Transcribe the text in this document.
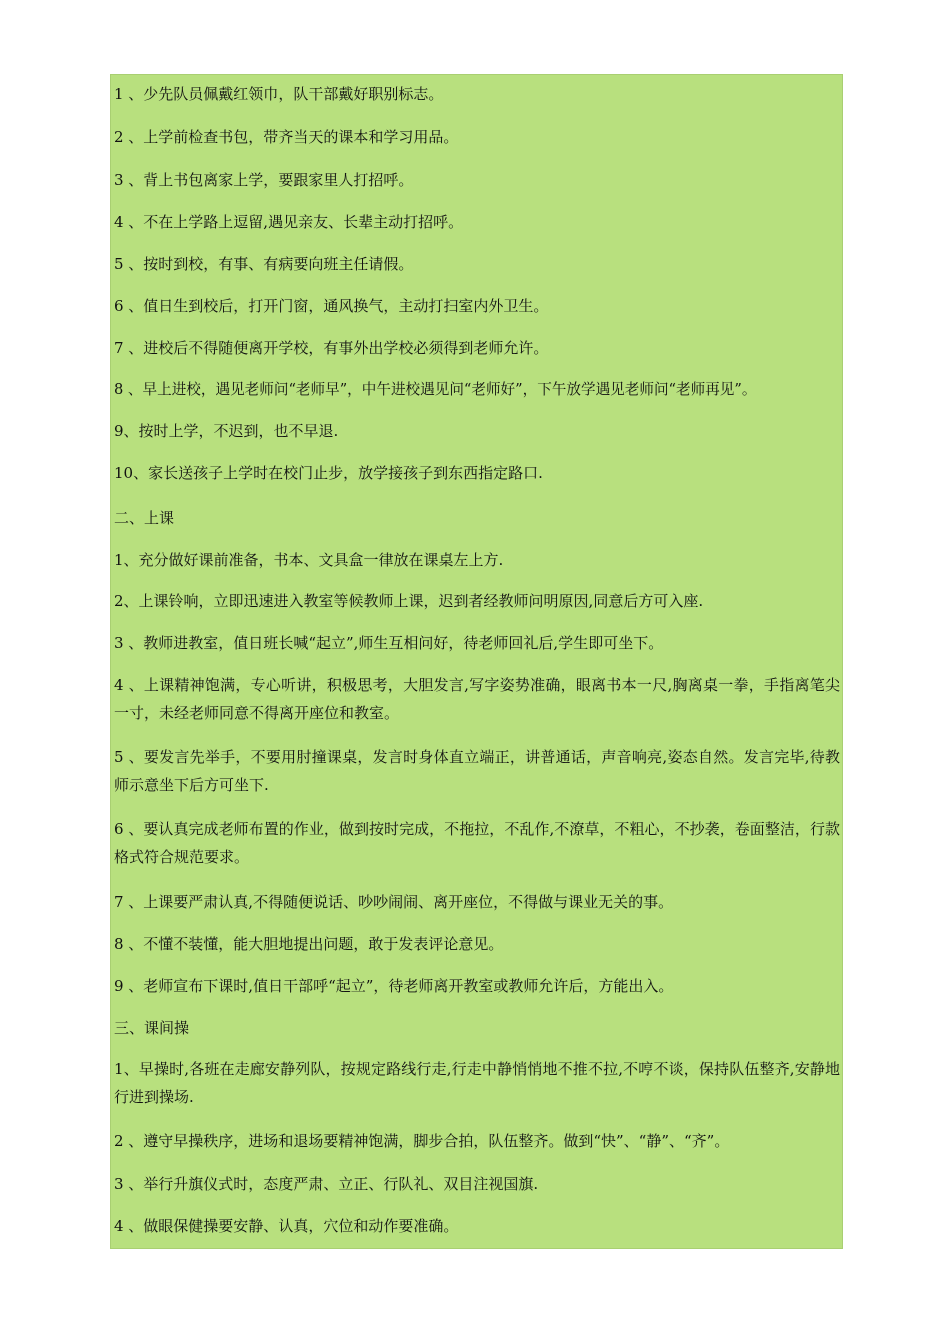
1 、少先队员佩戴红领巾，队干部戴好职别标志。
2 、上学前检查书包，带齐当天的课本和学习用品。
3 、背上书包离家上学，要跟家里人打招呼。
4 、不在上学路上逗留,遇见亲友、长辈主动打招呼。
5 、按时到校，有事、有病要向班主任请假。
6 、值日生到校后，打开门窗，通风换气，主动打扫室内外卫生。
7 、进校后不得随便离开学校，有事外出学校必须得到老师允许。
8 、早上进校，遇见老师问“老师早”，中午进校遇见问“老师好”，下午放学遇见老师问“老师再见”。
9、按时上学，不迟到，也不早退.
10、家长送孩子上学时在校门止步，放学接孩子到东西指定路口.
二、上课
1、充分做好课前准备，书本、文具盒一律放在课桌左上方.
2、上课铃响，立即迅速进入教室等候教师上课，迟到者经教师问明原因,同意后方可入座.
3 、教师进教室，值日班长喊“起立”,师生互相问好，待老师回礼后,学生即可坐下。
4 、上课精神饱满，专心听讲，积极思考，大胆发言,写字姿势准确，眼离书本一尺,胸离桌一拳，手指离笔尖一寸，未经老师同意不得离开座位和教室。
5 、要发言先举手，不要用肘撞课桌，发言时身体直立端正，讲普通话，声音响亮,姿态自然。发言完毕,待教师示意坐下后方可坐下.
6 、要认真完成老师布置的作业，做到按时完成，不拖拉，不乱作,不潦草，不粗心，不抄袭，卷面整洁，行款格式符合规范要求。
7 、上课要严肃认真,不得随便说话、吵吵闹闹、离开座位，不得做与课业无关的事。
8 、不懂不装懂，能大胆地提出问题，敢于发表评论意见。
9 、老师宣布下课时,值日干部呼“起立”，待老师离开教室或教师允许后，方能出入。
三、课间操
1、早操时,各班在走廊安静列队，按规定路线行走,行走中静悄悄地不推不拉,不哼不谈，保持队伍整齐,安静地行进到操场.
2 、遵守早操秩序，进场和退场要精神饱满，脚步合拍，队伍整齐。做到“快”、“静”、“齐”。
3 、举行升旗仪式时，态度严肃、立正、行队礼、双目注视国旗.
4 、做眼保健操要安静、认真，穴位和动作要准确。
